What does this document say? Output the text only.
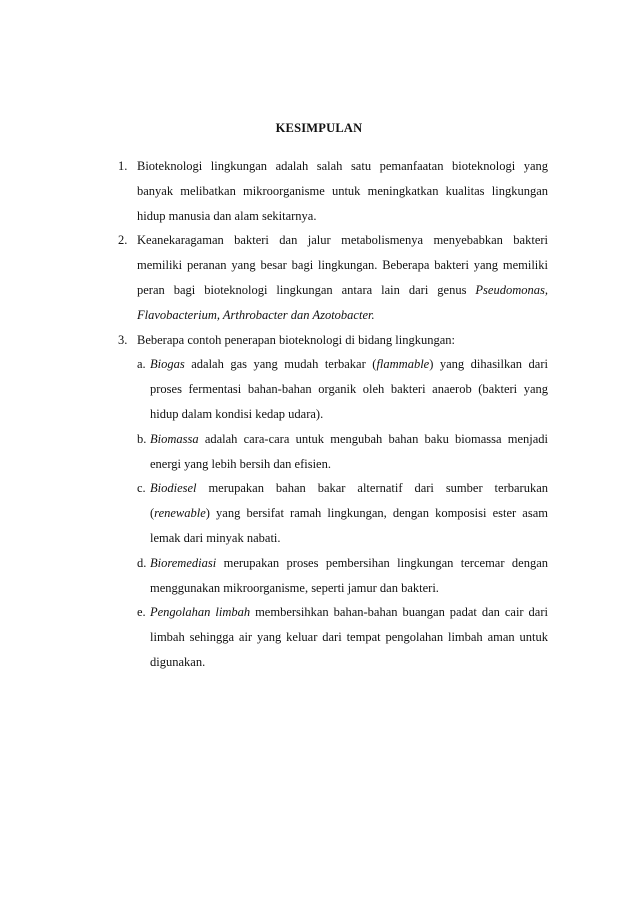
KESIMPULAN
1. Bioteknologi lingkungan adalah salah satu pemanfaatan bioteknologi yang banyak melibatkan mikroorganisme untuk meningkatkan kualitas lingkungan hidup manusia dan alam sekitarnya.
2. Keanekaragaman bakteri dan jalur metabolismenya menyebabkan bakteri memiliki peranan yang besar bagi lingkungan. Beberapa bakteri yang memiliki peran bagi bioteknologi lingkungan antara lain dari genus Pseudomonas, Flavobacterium, Arthrobacter dan Azotobacter.
3. Beberapa contoh penerapan bioteknologi di bidang lingkungan:
a. Biogas adalah gas yang mudah terbakar (flammable) yang dihasilkan dari proses fermentasi bahan-bahan organik oleh bakteri anaerob (bakteri yang hidup dalam kondisi kedap udara).
b. Biomassa adalah cara-cara untuk mengubah bahan baku biomassa menjadi energi yang lebih bersih dan efisien.
c. Biodiesel merupakan bahan bakar alternatif dari sumber terbarukan (renewable) yang bersifat ramah lingkungan, dengan komposisi ester asam lemak dari minyak nabati.
d. Bioremediasi merupakan proses pembersihan lingkungan tercemar dengan menggunakan mikroorganisme, seperti jamur dan bakteri.
e. Pengolahan limbah membersihkan bahan-bahan buangan padat dan cair dari limbah sehingga air yang keluar dari tempat pengolahan limbah aman untuk digunakan.
